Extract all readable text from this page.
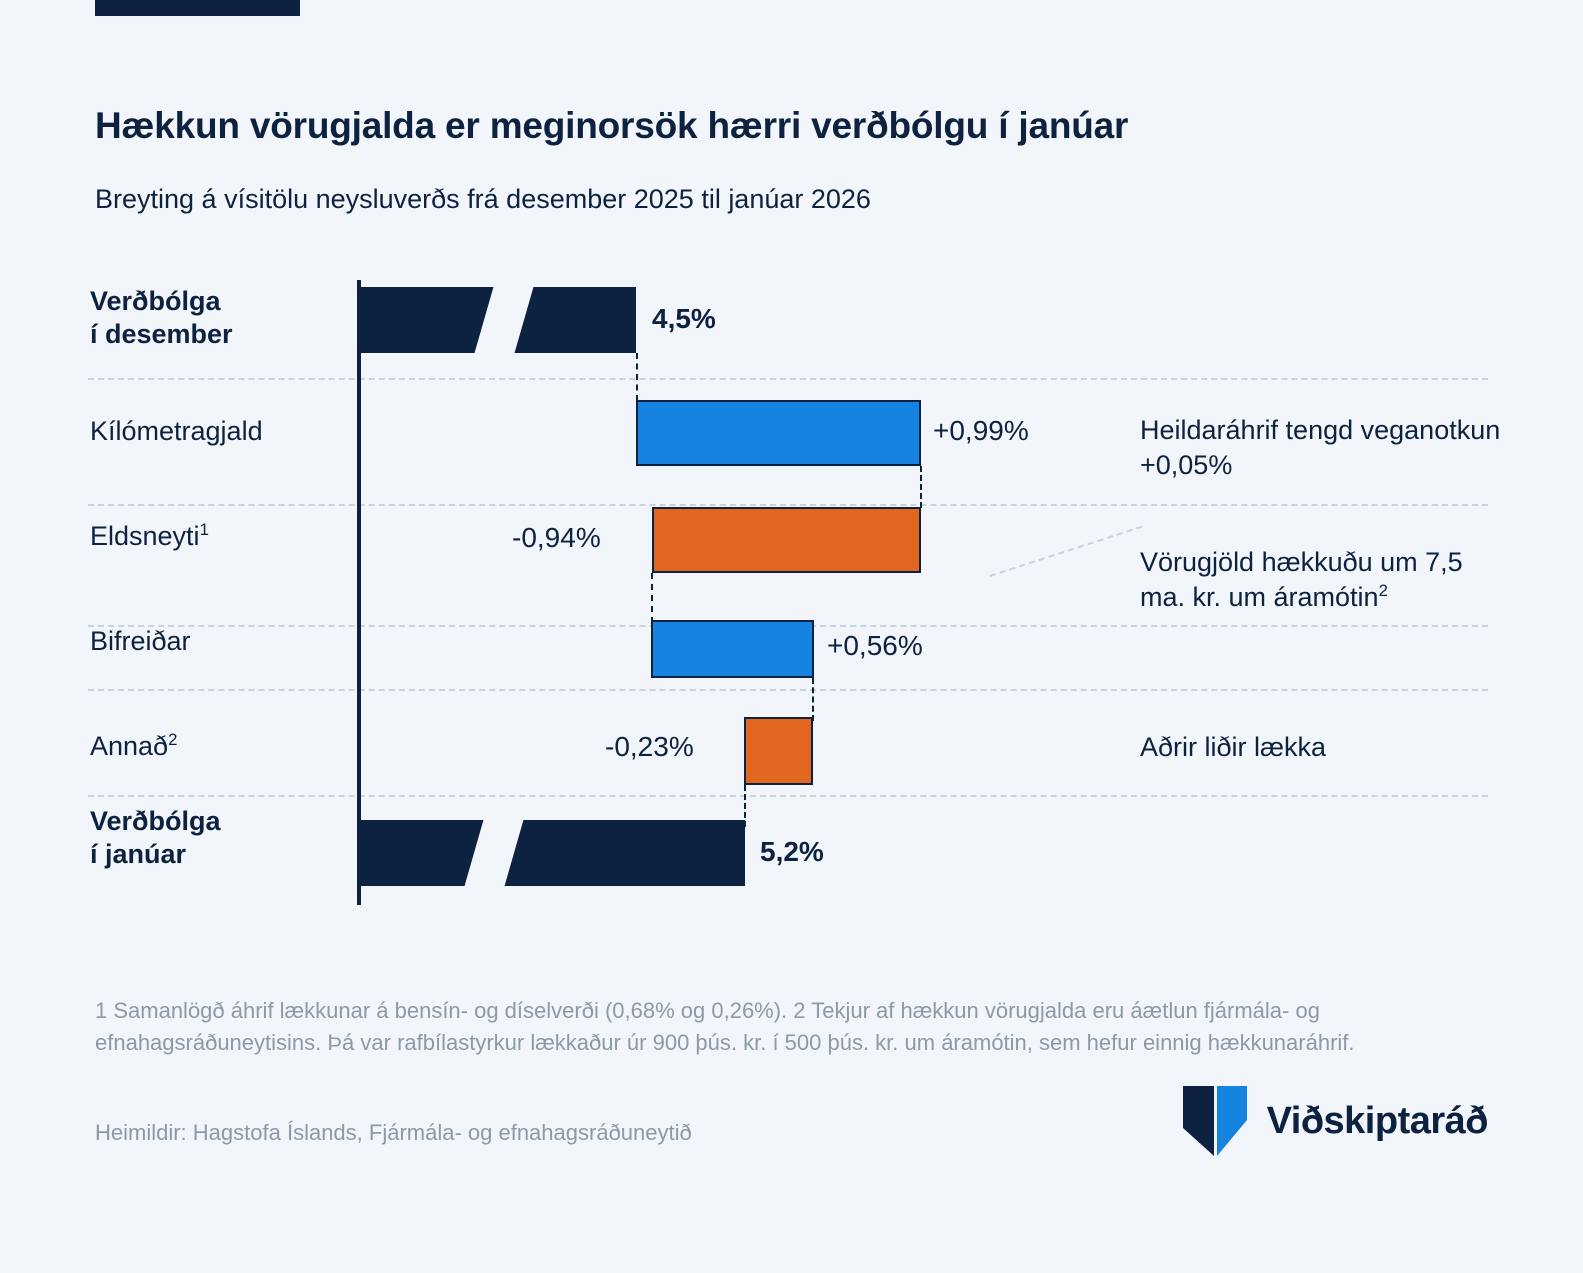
Hækkun vörugjalda er meginorsök hærri verðbólgu í janúar
Breyting á vísitölu neysluverðs frá desember 2025 til janúar 2026
Verðbólga
í desember	4,5%
Kílómetragjald	+0,99%
Eldsneyti$^1$	-0,94%
Bifreiðar	+0,56%
Annað$^2$	-0,23%
Verðbólga
í janúar	5,2%
Heildaráhrif tengd veganotkun +0,05%
Vörugjöld hækkuðu um 7,5 ma. kr. um áramótin$^2$
Aðrir liðir lækka
1 Samanlögð áhrif lækkunar á bensín- og díselverði (0,68% og 0,26%). 2 Tekjur af hækkun vörugjalda eru áætlun fjármála- og efnahagsráðuneytisins. Þá var rafbílastyrkur lækkaður úr 900 þús. kr. í 500 þús. kr. um áramótin, sem hefur einnig hækkunaráhrif.
Heimildir: Hagstofa Íslands, Fjármála- og efnahagsráðuneytið	Viðskiptaráð
